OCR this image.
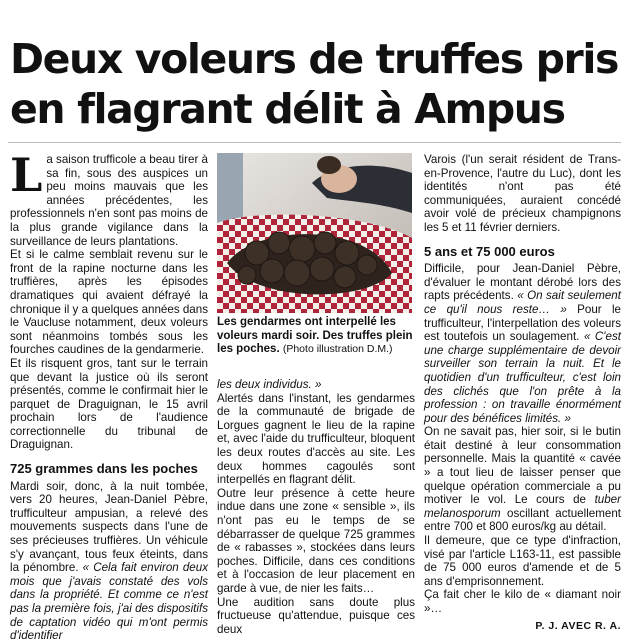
Deux voleurs de truffes pris
en flagrant délit à Ampus

La saison trufficole a beau tirer à sa fin, sous des auspices un peu moins mauvais que les années précédentes, les professionnels n'en sont pas moins de la plus grande vigilance dans la surveillance de leurs plantations.

Et si le calme semblait revenu sur le front de la rapine nocturne dans les truffières, après les épisodes dramatiques qui avaient défrayé la chronique il y a quelques années dans le Vaucluse notamment, deux voleurs sont néanmoins tombés sous les fourches caudines de la gendarmerie.

Et ils risquent gros, tant sur le terrain que devant la justice où ils seront présentés, comme le confirmait hier le parquet de Draguignan, le 15 avril prochain lors de l'audience correctionnelle du tribunal de Draguignan.

725 grammes dans les poches

Mardi soir, donc, à la nuit tombée, vers 20 heures, Jean-Daniel Pèbre, trufficulteur ampusian, a relevé des mouvements suspects dans l'une de ses précieuses truffières. Un véhicule s'y avançant, tous feux éteints, dans la pénombre. « Cela fait environ deux mois que j'avais constaté des vols dans la propriété. Et comme ce n'est pas la première fois, j'ai des dispositifs de captation vidéo qui m'ont permis d'identifier

Les gendarmes ont interpellé les voleurs mardi soir. Des truffes plein les poches. (Photo illustration D.M.)

les deux individus. »

Alertés dans l'instant, les gendarmes de la communauté de brigade de Lorgues gagnent le lieu de la rapine et, avec l'aide du trufficulteur, bloquent les deux routes d'accès au site. Les deux hommes cagoulés sont interpellés en flagrant délit.

Outre leur présence à cette heure indue dans une zone « sensible », ils n'ont pas eu le temps de se débarrasser de quelque 725 grammes de « rabasses », stockées dans leurs poches. Difficile, dans ces conditions et à l'occasion de leur placement en garde à vue, de nier les faits…

Une audition sans doute plus fructueuse qu'attendue, puisque ces deux

Varois (l'un serait résident de Trans-en-Provence, l'autre du Luc), dont les identités n'ont pas été communiquées, auraient concédé avoir volé de précieux champignons les 5 et 11 février derniers.

5 ans et 75 000 euros

Difficile, pour Jean-Daniel Pèbre, d'évaluer le montant dérobé lors des rapts précédents. « On sait seulement ce qu'il nous reste… » Pour le trufficulteur, l'interpellation des voleurs est toutefois un soulagement. « C'est une charge supplémentaire de devoir surveiller son terrain la nuit. Et le quotidien d'un trufficulteur, c'est loin des clichés que l'on prête à la profession : on travaille énormément pour des bénéfices limités. »

On ne savait pas, hier soir, si le butin était destiné à leur consommation personnelle. Mais la quantité « cavée » a tout lieu de laisser penser que quelque opération commerciale a pu motiver le vol. Le cours de tuber melanosporum oscillant actuellement entre 700 et 800 euros/kg au détail.

Il demeure, que ce type d'infraction, visé par l'article L163-11, est passible de 75 000 euros d'amende et de 5 ans d'emprisonnement.

Ça fait cher le kilo de « diamant noir »…

P. J. AVEC R. A.
